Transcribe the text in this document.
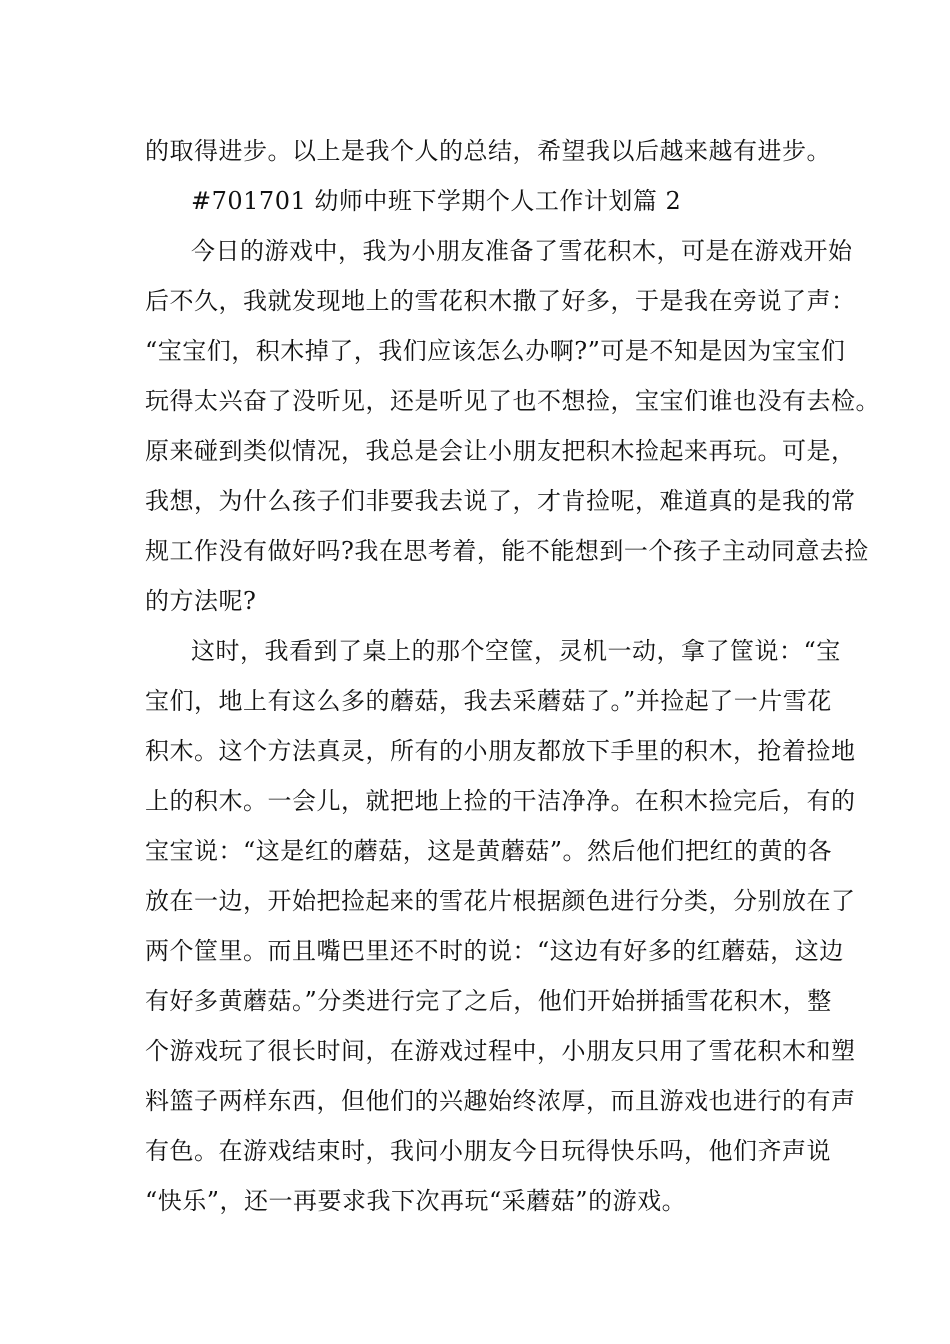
的取得进步。以上是我个人的总结，希望我以后越来越有进步。
#701701 幼师中班下学期个人工作计划篇 2
今日的游戏中，我为小朋友准备了雪花积木，可是在游戏开始
后不久，我就发现地上的雪花积木撒了好多，于是我在旁说了声：
“宝宝们，积木掉了，我们应该怎么办啊?”可是不知是因为宝宝们
玩得太兴奋了没听见，还是听见了也不想捡，宝宝们谁也没有去检。
原来碰到类似情况，我总是会让小朋友把积木捡起来再玩。可是，
我想，为什么孩子们非要我去说了，才肯捡呢，难道真的是我的常
规工作没有做好吗?我在思考着，能不能想到一个孩子主动同意去捡
的方法呢?
这时，我看到了桌上的那个空筐，灵机一动，拿了筐说：“宝
宝们，地上有这么多的蘑菇，我去采蘑菇了。”并捡起了一片雪花
积木。这个方法真灵，所有的小朋友都放下手里的积木，抢着捡地
上的积木。一会儿，就把地上捡的干洁净净。在积木捡完后，有的
宝宝说：“这是红的蘑菇，这是黄蘑菇”。然后他们把红的黄的各
放在一边，开始把捡起来的雪花片根据颜色进行分类，分别放在了
两个筐里。而且嘴巴里还不时的说：“这边有好多的红蘑菇，这边
有好多黄蘑菇。”分类进行完了之后，他们开始拼插雪花积木，整
个游戏玩了很长时间，在游戏过程中，小朋友只用了雪花积木和塑
料篮子两样东西，但他们的兴趣始终浓厚，而且游戏也进行的有声
有色。在游戏结束时，我问小朋友今日玩得快乐吗，他们齐声说
“快乐”，还一再要求我下次再玩“采蘑菇”的游戏。
